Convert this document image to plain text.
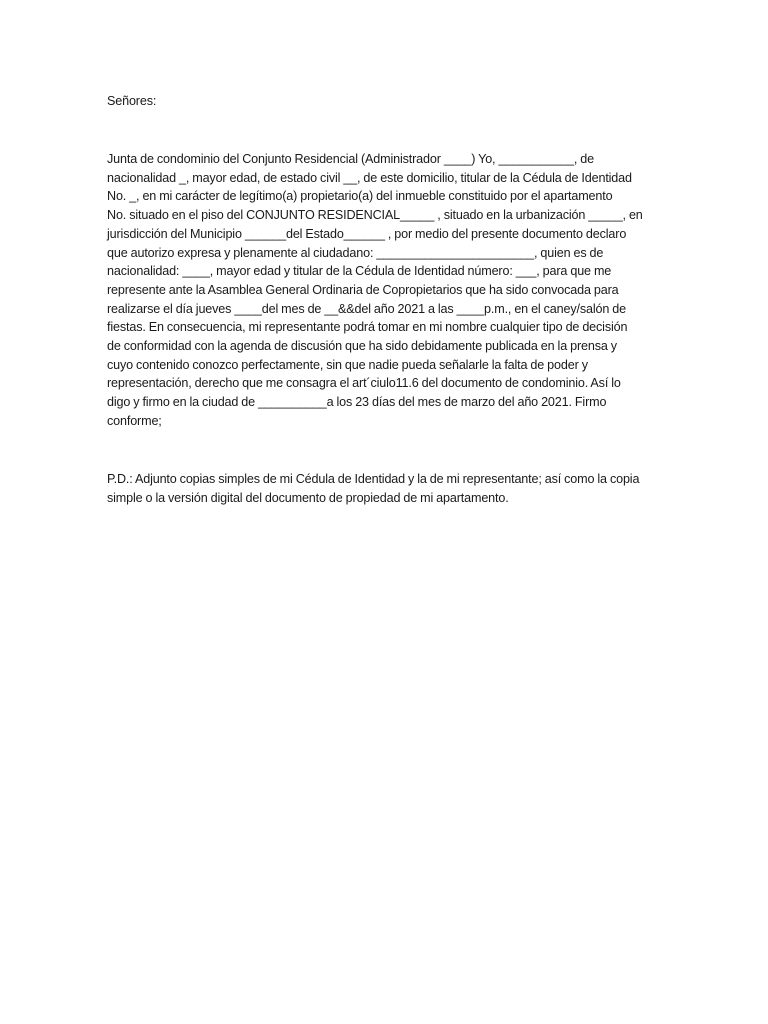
Señores:
Junta de condominio del Conjunto Residencial (Administrador ____) Yo, ___________, de
nacionalidad _, mayor edad, de estado civil __, de este domicilio, titular de la Cédula de Identidad
No. _, en mi carácter de legítimo(a) propietario(a) del inmueble constituido por el apartamento
No. situado en el piso del CONJUNTO RESIDENCIAL_____ , situado en la urbanización _____, en
jurisdicción del Municipio ______del Estado______ , por medio del presente documento declaro
que autorizo expresa y plenamente al ciudadano: _______________________, quien es de
nacionalidad: ____, mayor edad y titular de la Cédula de Identidad número: ___, para que me
represente ante la Asamblea General Ordinaria de Copropietarios que ha sido convocada para
realizarse el día jueves ____del mes de __&&del año 2021 a las ____p.m., en el caney/salón de
fiestas. En consecuencia, mi representante podrá tomar en mi nombre cualquier tipo de decisión
de conformidad con la agenda de discusión que ha sido debidamente publicada en la prensa y
cuyo contenido conozco perfectamente, sin que nadie pueda señalarle la falta de poder y
representación, derecho que me consagra el art´ciulo11.6 del documento de condominio. Así lo
digo y firmo en la ciudad de __________a los 23 días del mes de marzo del año 2021. Firmo
conforme;
P.D.: Adjunto copias simples de mi Cédula de Identidad y la de mi representante; así como la copia
simple o la versión digital del documento de propiedad de mi apartamento.
